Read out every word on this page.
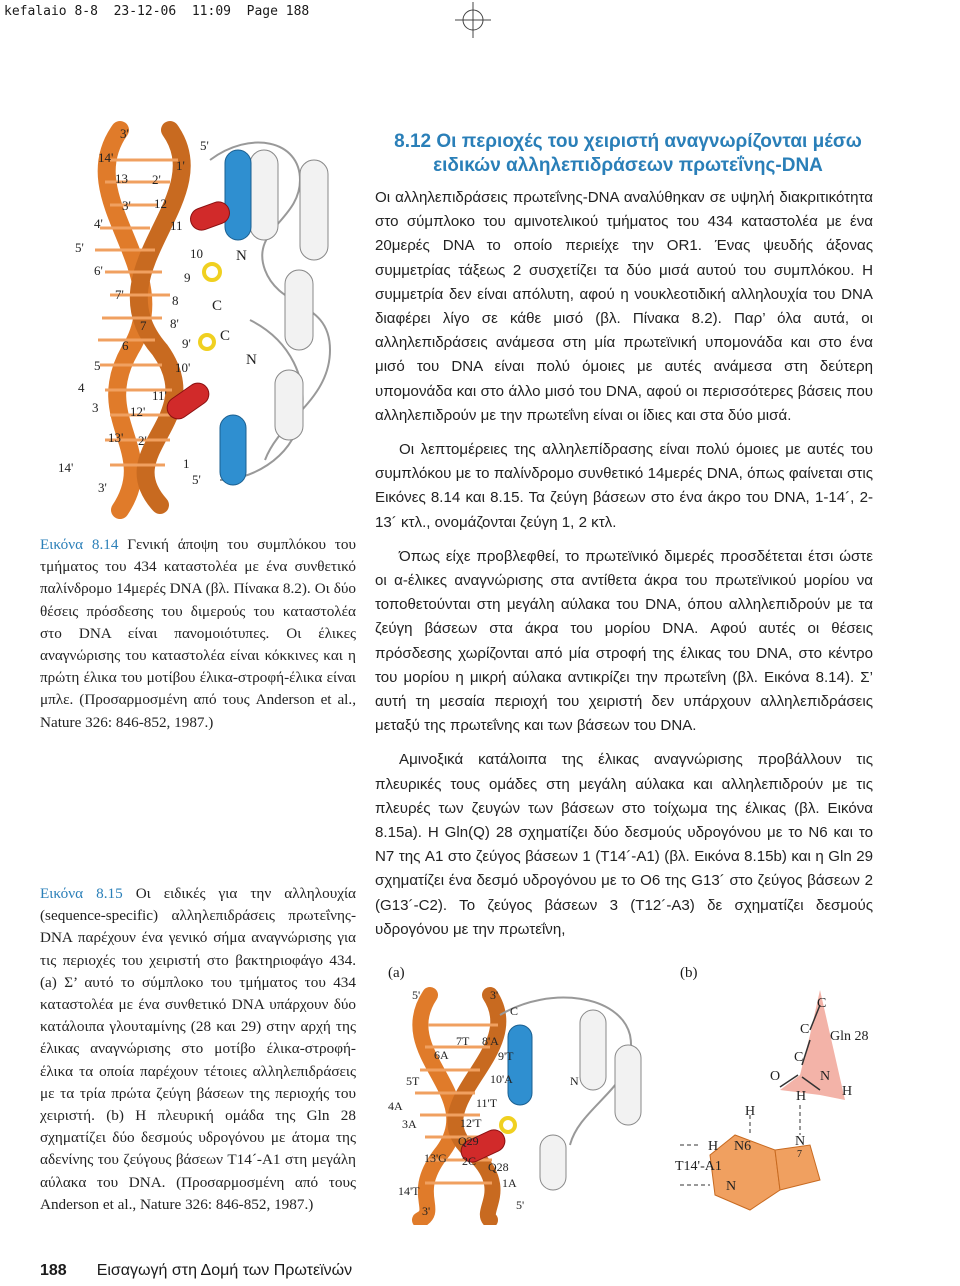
kefalaio 8-8  23-12-06  11:09  Page 188
3'
14'
13
3'
4'
5'
6'
7'
7
6
5
4
3
13'
14'
3'
5'
1'
2'
12
11
10
9
8
8'
9'
10'
11'
12'
2'
1
5'
N
C
C
N
Εικόνα 8.14 Γενική άποψη του συμπλόκου του τμήματος του 434 καταστολέα με ένα συνθετικό παλίνδρομο 14μερές DNA (βλ. Πίνακα 8.2). Οι δύο θέσεις πρόσδεσης του διμερούς του καταστολέα στο DNA είναι πανομοιότυπες. Οι έλικες αναγνώρισης του καταστολέα είναι κόκκινες και η πρώτη έλικα του μοτίβου έλικα-στροφή-έλικα είναι μπλε. (Προσαρμοσμένη από τους Anderson et al., Nature 326: 846-852, 1987.)
Εικόνα 8.15 Οι ειδικές για την αλληλουχία (sequence-specific) αλληλεπιδράσεις πρωτεΐνης-DNA παρέχουν ένα γενικό σήμα αναγνώρισης για τις περιοχές του χειριστή στο βακτηριοφάγο 434. (a) Σ’ αυτό το σύμπλοκο του τμήματος του 434 καταστολέα με ένα συνθετικό DNA υπάρχουν δύο κατάλοιπα γλουταμίνης (28 και 29) στην αρχή της έλικας αναγνώρισης στο μοτίβο έλικα-στροφή-έλικα τα οποία παρέχουν τέτοιες αλληλεπιδράσεις με τα τρία πρώτα ζεύγη βάσεων της περιοχής του χειριστή. (b) Η πλευρική ομάδα της Gln 28 σχηματίζει δύο δεσμούς υδρογόνου με άτομα της αδενίνης του ζεύγους βάσεων T14´-A1 στη μεγάλη αύλακα του DNA. (Προσαρμοσμένη από τους Anderson et al., Nature 326: 846-852, 1987.)
8.12 Οι περιοχές του χειριστή αναγνωρίζονται μέσω ειδικών αλληλεπιδράσεων πρωτεΐνης-DNA

Οι αλληλεπιδράσεις πρωτεΐνης-DNA αναλύθηκαν σε υψηλή διακριτικότητα στο σύμπλοκο του αμινοτελικού τμήματος του 434 καταστολέα με ένα 20μερές DNA το οποίο περιείχε την OR1. Ένας ψευδής άξονας συμμετρίας τάξεως 2 συσχετίζει τα δύο μισά αυτού του συμπλόκου. Η συμμετρία δεν είναι απόλυτη, αφού η νουκλεοτιδική αλληλουχία του DNA διαφέρει λίγο σε κάθε μισό (βλ. Πίνακα 8.2). Παρ’ όλα αυτά, οι αλληλεπιδράσεις ανάμεσα στη μία πρωτεϊνική υπομονάδα και στο ένα μισό του DNA είναι πολύ όμοιες με αυτές ανάμεσα στη δεύτερη υπομονάδα και στο άλλο μισό του DNA, αφού οι περισσότερες βάσεις που αλληλεπιδρούν με την πρωτεΐνη είναι οι ίδιες και στα δύο μισά.

Οι λεπτομέρειες της αλληλεπίδρασης είναι πολύ όμοιες με αυτές του συμπλόκου με το παλίνδρομο συνθετικό 14μερές DNA, όπως φαίνεται στις Εικόνες 8.14 και 8.15. Τα ζεύγη βάσεων στο ένα άκρο του DNA, 1-14´, 2-13´ κτλ., ονομάζονται ζεύγη 1, 2 κτλ.

Όπως είχε προβλεφθεί, το πρωτεϊνικό διμερές προσδέτεται έτσι ώστε οι α-έλικες αναγνώρισης στα αντίθετα άκρα του πρωτεϊνικού μορίου να τοποθετούνται στη μεγάλη αύλακα του DNA, όπου αλληλεπιδρούν με τα ζεύγη βάσεων στα άκρα του μορίου DNA. Αφού αυτές οι θέσεις πρόσδεσης χωρίζονται από μία στροφή της έλικας του DNA, στο κέντρο του μορίου η μικρή αύλακα αντικρίζει την πρωτεΐνη (βλ. Εικόνα 8.14). Σ’ αυτή τη μεσαία περιοχή του χειριστή δεν υπάρχουν αλληλεπιδράσεις μεταξύ της πρωτεΐνης και των βάσεων του DNA.

Αμινοξικά κατάλοιπα της έλικας αναγνώρισης προβάλλουν τις πλευρικές τους ομάδες στη μεγάλη αύλακα και αλληλεπιδρούν με τις πλευρές των ζευγών των βάσεων στο τοίχωμα της έλικας (βλ. Εικόνα 8.15a). Η Gln(Q) 28 σχηματίζει δύο δεσμούς υδρογόνου με το N6 και το N7 της A1 στο ζεύγος βάσεων 1 (T14´-A1) (βλ. Εικόνα 8.15b) και η Gln 29 σχηματίζει ένα δεσμό υδρογόνου με το O6 της G13´ στο ζεύγος βάσεων 2 (G13´-C2). Το ζεύγος βάσεων 3 (T12´-A3) δε σχηματίζει δεσμούς υδρογόνου με την πρωτεΐνη,

(a)	(b)
5'	3'
C
7T 8'A
6A	9'T
5T	10'A
4A
N
11'T
3A	12'T
Q29
13'G 2C Q28
1A
14'T
3'	5'
C
C Gln 28
C
O	N
H
H
H
H N6	N
7
T14'-A1
N
188 Εισαγωγή στη Δομή των Πρωτεϊνών
